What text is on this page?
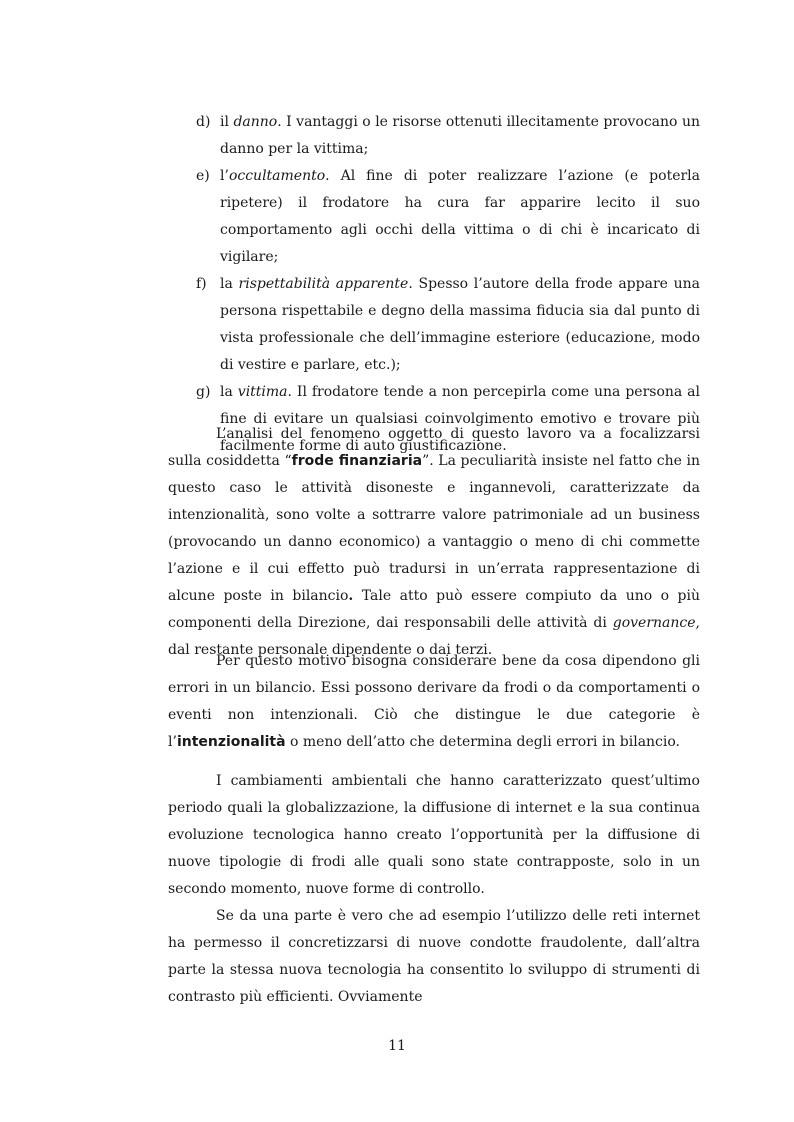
d) il danno. I vantaggi o le risorse ottenuti illecitamente provocano un danno per la vittima;

e) l’occultamento. Al fine di poter realizzare l’azione (e poterla ripetere) il frodatore ha cura far apparire lecito il suo comportamento agli occhi della vittima o di chi è incaricato di vigilare;

f) la rispettabilità apparente. Spesso l’autore della frode appare una persona rispettabile e degno della massima fiducia sia dal punto di vista professionale che dell’immagine esteriore (educazione, modo di vestire e parlare, etc.);

g) la vittima. Il frodatore tende a non percepirla come una persona al fine di evitare un qualsiasi coinvolgimento emotivo e trovare più facilmente forme di auto giustificazione.

L’analisi del fenomeno oggetto di questo lavoro va a focalizzarsi sulla cosiddetta “frode finanziaria”. La peculiarità insiste nel fatto che in questo caso le attività disoneste e ingannevoli, caratterizzate da intenzionalità, sono volte a sottrarre valore patrimoniale ad un business (provocando un danno economico) a vantaggio o meno di chi commette l’azione e il cui effetto può tradursi in un’errata rappresentazione di alcune poste in bilancio. Tale atto può essere compiuto da uno o più componenti della Direzione, dai responsabili delle attività di governance, dal restante personale dipendente o dai terzi.

Per questo motivo bisogna considerare bene da cosa dipendono gli errori in un bilancio. Essi possono derivare da frodi o da comportamenti o eventi non intenzionali. Ciò che distingue le due categorie è l’intenzionalità o meno dell’atto che determina degli errori in bilancio.

I cambiamenti ambientali che hanno caratterizzato quest’ultimo periodo quali la globalizzazione, la diffusione di internet e la sua continua evoluzione tecnologica hanno creato l’opportunità per la diffusione di nuove tipologie di frodi alle quali sono state contrapposte, solo in un secondo momento, nuove forme di controllo.

Se da una parte è vero che ad esempio l’utilizzo delle reti internet ha permesso il concretizzarsi di nuove condotte fraudolente, dall’altra parte la stessa nuova tecnologia ha consentito lo sviluppo di strumenti di contrasto più efficienti. Ovviamente

11
